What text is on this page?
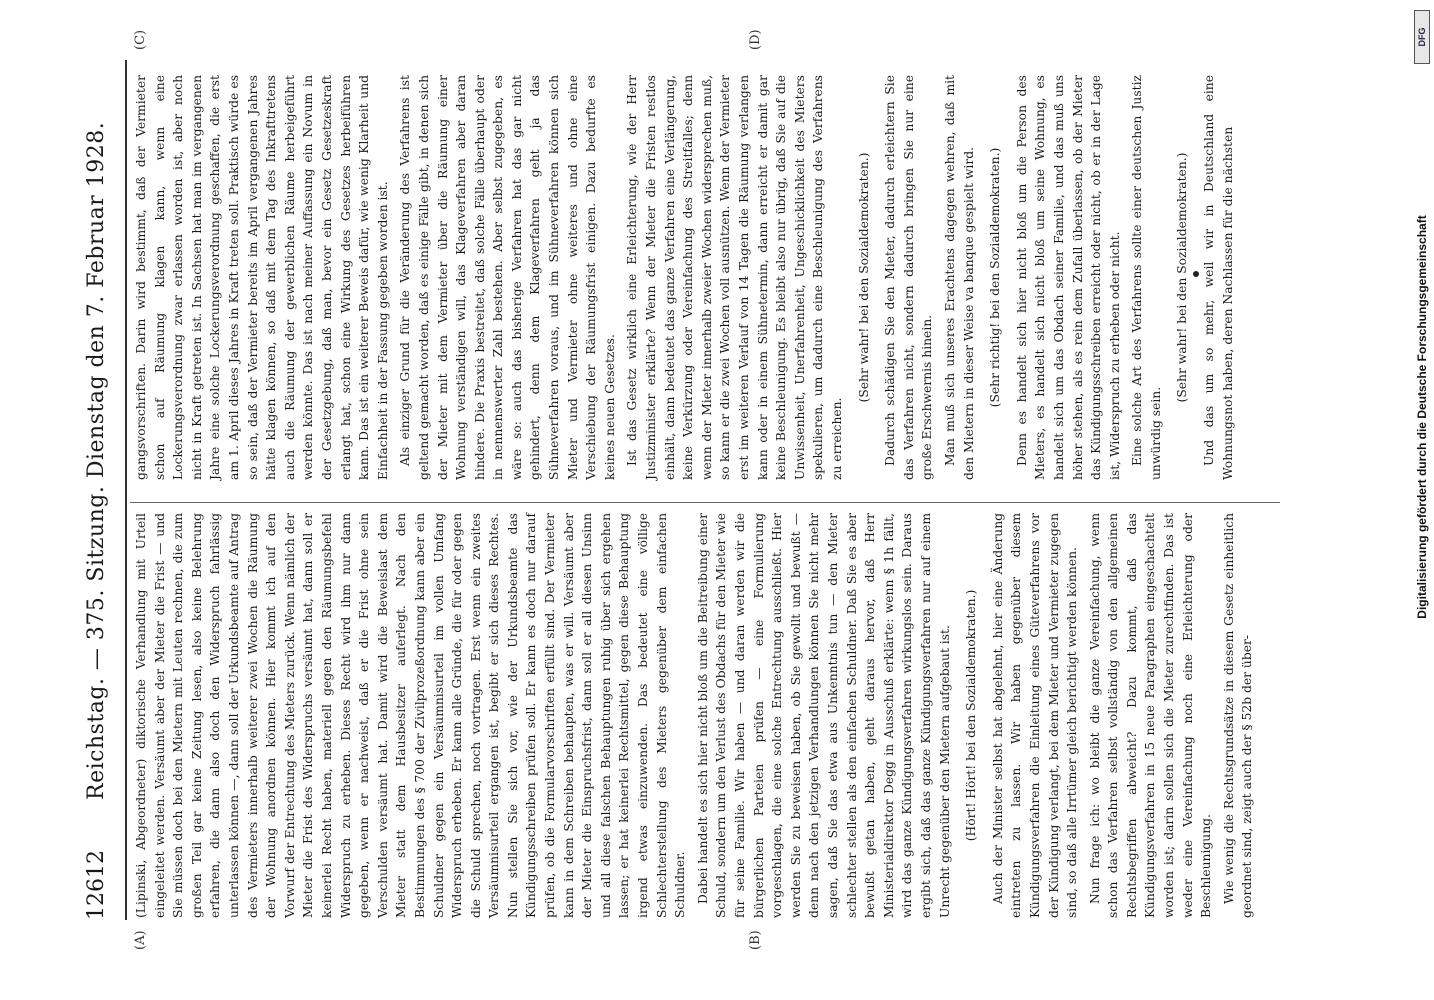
12612
Reichstag. — 375. Sitzung. Dienstag den 7. Februar 1928.
(A)	(B)
(C)	(D)

(Lipinski, Abgeordneter) diktorische Verhandlung mit Urteil eingeleitet werden. Versäumt aber der Mieter die Frist — und Sie müssen doch bei den Mietern mit Leuten rechnen, die zum großen Teil gar keine Zeitung lesen, also keine Belehrung erfahren, die dann also doch den Widerspruch fahrlässig unterlassen können —, dann soll der Urkundsbeamte auf Antrag des Vermieters innerhalb weiterer zwei Wochen die Räumung der Wohnung anordnen können. Hier kommt ich auf den Vorwurf der Entrechtung des Mieters zurück. Wenn nämlich der Mieter die Frist des Widerspruchs versäumt hat, dann soll er keinerlei Recht haben, materiell gegen den Räumungsbefehl Widerspruch zu erheben. Dieses Recht wird ihm nur dann gegeben, wenn er nachweist, daß er die Frist ohne sein Verschulden versäumt hat. Damit wird die Beweislast dem Mieter statt dem Hausbesitzer auferlegt. Nach den Bestimmungen des § 700 der Zivilprozeßordnung kann aber ein Schuldner gegen ein Versäumnisurteil im vollen Umfang Widerspruch erheben. Er kann alle Gründe, die für oder gegen die Schuld sprechen, noch vortragen. Erst wenn ein zweites Versäumnisurteil ergangen ist, begibt er sich dieses Rechtes. Nun stellen Sie sich vor, wie der Urkundsbeamte das Kündigungsschreiben prüfen soll. Er kann es doch nur darauf prüfen, ob die Formularvorschriften erfüllt sind. Der Vermieter kann in dem Schreiben behaupten, was er will. Versäumt aber der Mieter die Einspruchsfrist, dann soll er all diesen Unsinn und all diese falschen Behauptungen ruhig über sich ergehen lassen; er hat keinerlei Rechtsmittel, gegen diese Behauptung irgend etwas einzuwenden. Das bedeutet eine völlige Schlechterstellung des Mieters gegenüber dem einfachen Schuldner. Dabei handelt es sich hier nicht bloß um die Beitreibung einer Schuld, sondern um den Verlust des Obdachs für den Mieter wie für seine Familie. Wir haben — und daran werden wir die bürgerlichen Parteien prüfen — eine Formulierung vorgeschlagen, die eine solche Entrechtung ausschließt. Hier werden Sie zu beweisen haben, ob Sie gewollt und bewußt — denn nach den jetzigen Verhandlungen können Sie nicht mehr sagen, daß Sie das etwa aus Unkenntnis tun — den Mieter schlechter stellen als den einfachen Schuldner. Daß Sie es aber bewußt getan haben, geht daraus hervor, daß Herr Ministerialdirektor Degg in Ausschuß erklärte: wenn § 1h fällt, wird das ganze Kündigungsverfahren wirkungslos sein. Daraus ergibt sich, daß das ganze Kündigungsverfahren nur auf einem Unrecht gegenüber den Mietern aufgebaut ist. (Hört! Hört! bei den Sozialdemokraten.) Auch der Minister selbst hat abgelehnt, hier eine Änderung eintreten zu lassen. Wir haben gegenüber diesem Kündigungsverfahren die Einleitung eines Güteverfahrens vor der Kündigung verlangt, bei dem Mieter und Vermieter zugegen sind, so daß alle Irrtümer gleich berichtigt werden können. Nun frage ich: wo bleibt die ganze Vereinfachung, wenn schon das Verfahren selbst vollständig von den allgemeinen Rechtsbegriffen abweicht? Dazu kommt, daß das Kündigungsverfahren in 15 neue Paragraphen eingeschachtelt worden ist; darin sollen sich die Mieter zurechtfinden. Das ist weder eine Vereinfachung noch eine Erleichterung oder Beschleunigung. Wie wenig die Rechtsgrundsätze in diesem Gesetz einheitlich geordnet sind, zeigt auch der § 52b der über-

gangsvorschriften. Darin wird bestimmt, daß der Vermieter schon auf Räumung klagen kann, wenn eine Lockerungsverordnung zwar erlassen worden ist, aber noch nicht in Kraft getreten ist. In Sachsen hat man im vergangenen Jahre eine solche Lockerungsverordnung geschaffen, die erst am 1. April dieses Jahres in Kraft treten soll. Praktisch würde es so sein, daß der Vermieter bereits im April vergangenen Jahres hätte klagen können, so daß mit dem Tag des Inkrafttretens auch die Räumung der gewerblichen Räume herbeigeführt werden könnte. Das ist nach meiner Auffassung ein Novum in der Gesetzgebung, daß man, bevor ein Gesetz Gesetzeskraft erlangt hat, schon eine Wirkung des Gesetzes herbeiführen kann. Das ist ein weiterer Beweis dafür, wie wenig Klarheit und Einfachheit in der Fassung gegeben worden ist. Als einziger Grund für die Veränderung des Verfahrens ist geltend gemacht worden, daß es einige Fälle gibt, in denen sich der Mieter mit dem Vermieter über die Räumung einer Wohnung verständigen will, das Klageverfahren aber daran hindere. Die Praxis bestreitet, daß solche Fälle überhaupt oder in nennenswerter Zahl bestehen. Aber selbst zugegeben, es wäre so: auch das bisherige Verfahren hat das gar nicht gehindert, denn dem Klageverfahren geht ja das Sühneverfahren voraus, und im Sühneverfahren können sich Mieter und Vermieter ohne weiteres und ohne eine Verschiebung der Räumungsfrist einigen. Dazu bedurfte es keines neuen Gesetzes. Ist das Gesetz wirklich eine Erleichterung, wie der Herr Justizminister erklärte? Wenn der Mieter die Fristen restlos einhält, dann bedeutet das ganze Verfahren eine Verlängerung, keine Verkürzung oder Vereinfachung des Streitfalles; denn wenn der Mieter innerhalb zweier Wochen widersprechen muß, so kann er die zwei Wochen voll ausnützen. Wenn der Vermieter erst im weiteren Verlauf von 14 Tagen die Räumung verlangen kann oder in einem Sühnetermin, dann erreicht er damit gar keine Beschleunigung. Es bleibt also nur übrig, daß Sie auf die Unwissenheit, Unerfahrenheit, Ungeschicklichkeit des Mieters spekulieren, um dadurch eine Beschleunigung des Verfahrens zu erreichen.

(Sehr wahr! bei den Sozialdemokraten.) Dadurch schädigen Sie den Mieter, dadurch erleichtern Sie das Verfahren nicht, sondern dadurch bringen Sie nur eine große Erschwernis hinein. Man muß sich unseres Erachtens dagegen wehren, daß mit den Mietern in dieser Weise va banque gespielt wird. (Sehr richtig! bei den Sozialdemokraten.) Denn es handelt sich hier nicht bloß um die Person des Mieters, es handelt sich nicht bloß um seine Wohnung, es handelt sich um das Obdach seiner Familie, und das muß uns höher stehen, als es rein dem Zufall überlassen, ob der Mieter das Kündigungsschreiben erreicht oder nicht, ob er in der Lage ist, Widerspruch zu erheben oder nicht. Eine solche Art des Verfahrens sollte einer deutschen Justiz unwürdig sein.

(Sehr wahr! bei den Sozialdemokraten.) Und das um so mehr, weil wir in Deutschland eine Wohnungsnot haben, deren Nachlassen für die nächsten

DFG
Digitalisierung gefördert durch die Deutsche Forschungsgemeinschaft
